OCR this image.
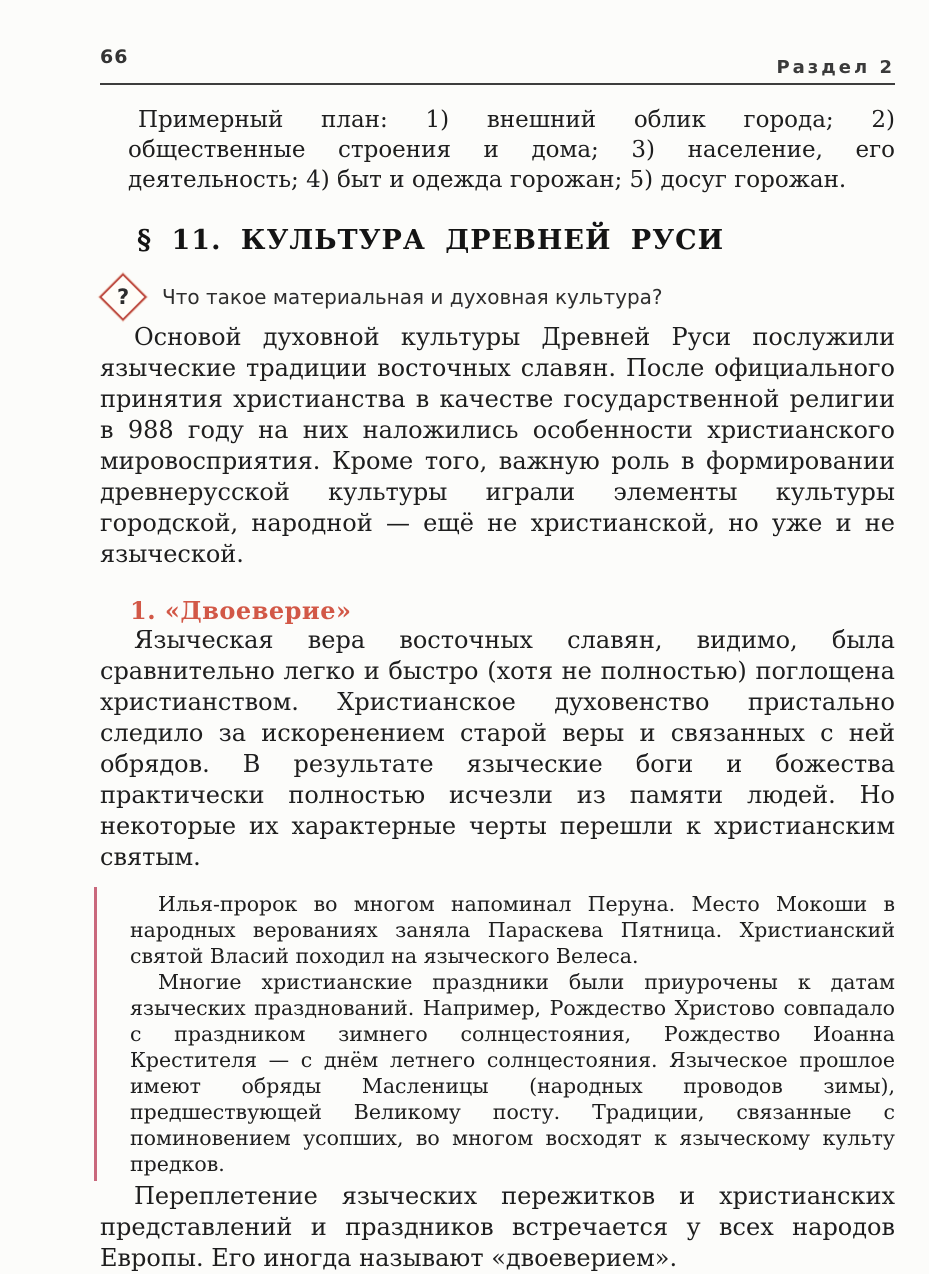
66	Раздел 2

Примерный план: 1) внешний облик города; 2) общественные строения и дома; 3) население, его деятельность; 4) быт и одежда горожан; 5) досуг горожан.

§ 11. КУЛЬТУРА ДРЕВНЕЙ РУСИ
? Что такое материальная и духовная культура?

Основой духовной культуры Древней Руси послужили языческие традиции восточных славян. После официального принятия христианства в качестве государственной религии в 988 году на них наложились особенности христианского мировосприятия. Кроме того, важную роль в формировании древнерусской культуры играли элементы культуры городской, народной — ещё не христианской, но уже и не языческой.

1. «Двоеверие»

Языческая вера восточных славян, видимо, была сравнительно легко и быстро (хотя не полностью) поглощена христианством. Христианское духовенство пристально следило за искоренением старой веры и связанных с ней обрядов. В результате языческие боги и божества практически полностью исчезли из памяти людей. Но некоторые их характерные черты перешли к христианским святым.

Илья-пророк во многом напоминал Перуна. Место Мокоши в народных верованиях заняла Параскева Пятница. Христианский святой Власий походил на языческого Велеса.

Многие христианские праздники были приурочены к датам языческих празднований. Например, Рождество Христово совпадало с праздником зимнего солнцестояния, Рождество Иоанна Крестителя — с днём летнего солнцестояния. Языческое прошлое имеют обряды Масленицы (народных проводов зимы), предшествующей Великому посту. Традиции, связанные с поминовением усопших, во многом восходят к языческому культу предков.

Переплетение языческих пережитков и христианских представлений и праздников встречается у всех народов Европы. Его иногда называют «двоеверием».
